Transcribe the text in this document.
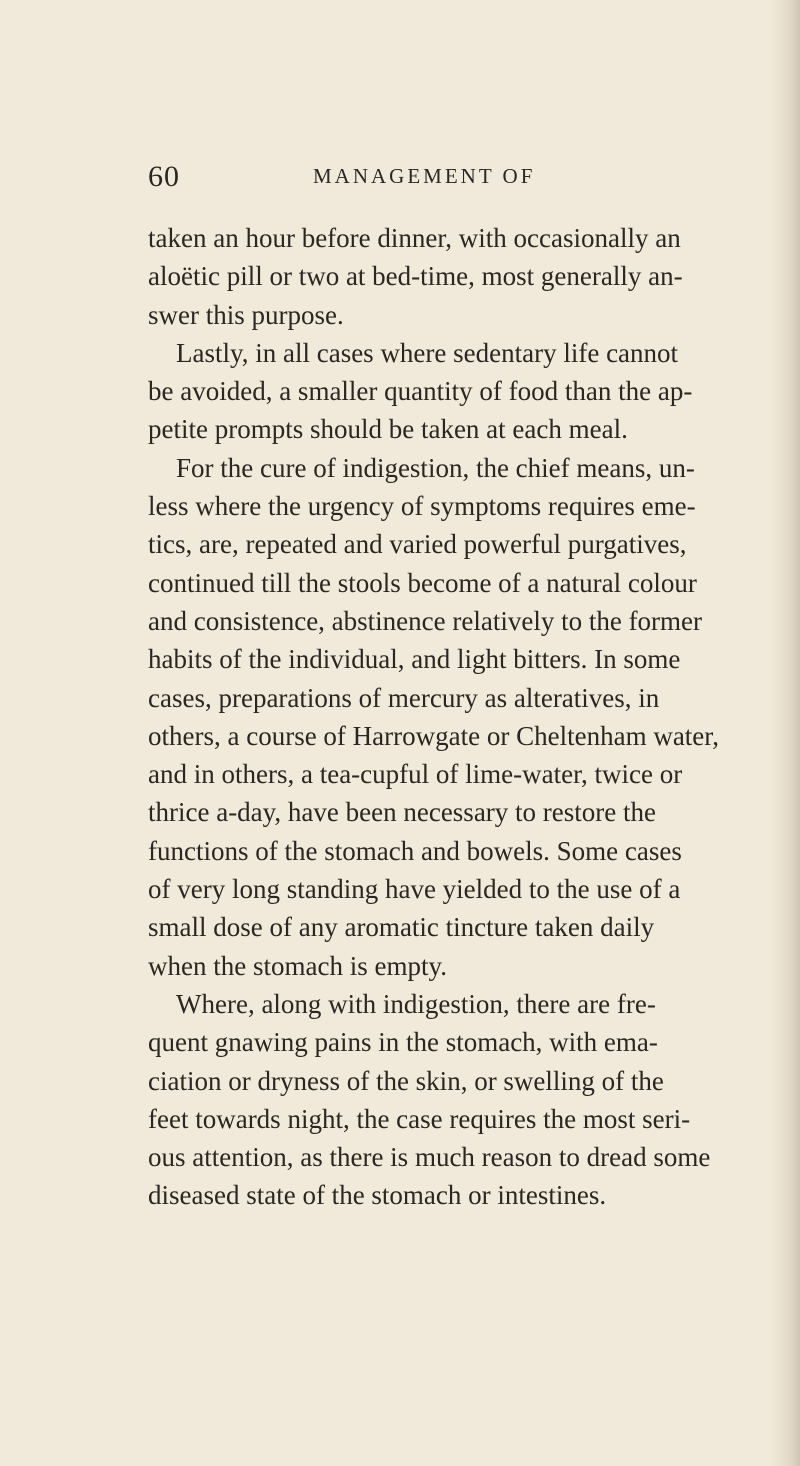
60	MANAGEMENT OF

taken an hour before dinner, with occasionally an
aloëtic pill or two at bed-time, most generally an-
swer this purpose.

Lastly, in all cases where sedentary life cannot
be avoided, a smaller quantity of food than the ap-
petite prompts should be taken at each meal.

For the cure of indigestion, the chief means, un-
less where the urgency of symptoms requires eme-
tics, are, repeated and varied powerful purgatives,
continued till the stools become of a natural colour
and consistence, abstinence relatively to the former
habits of the individual, and light bitters. In some
cases, preparations of mercury as alteratives, in
others, a course of Harrowgate or Cheltenham water,
and in others, a tea-cupful of lime-water, twice or
thrice a-day, have been necessary to restore the
functions of the stomach and bowels. Some cases
of very long standing have yielded to the use of a
small dose of any aromatic tincture taken daily
when the stomach is empty.

Where, along with indigestion, there are fre-
quent gnawing pains in the stomach, with ema-
ciation or dryness of the skin, or swelling of the
feet towards night, the case requires the most seri-
ous attention, as there is much reason to dread some
diseased state of the stomach or intestines.
